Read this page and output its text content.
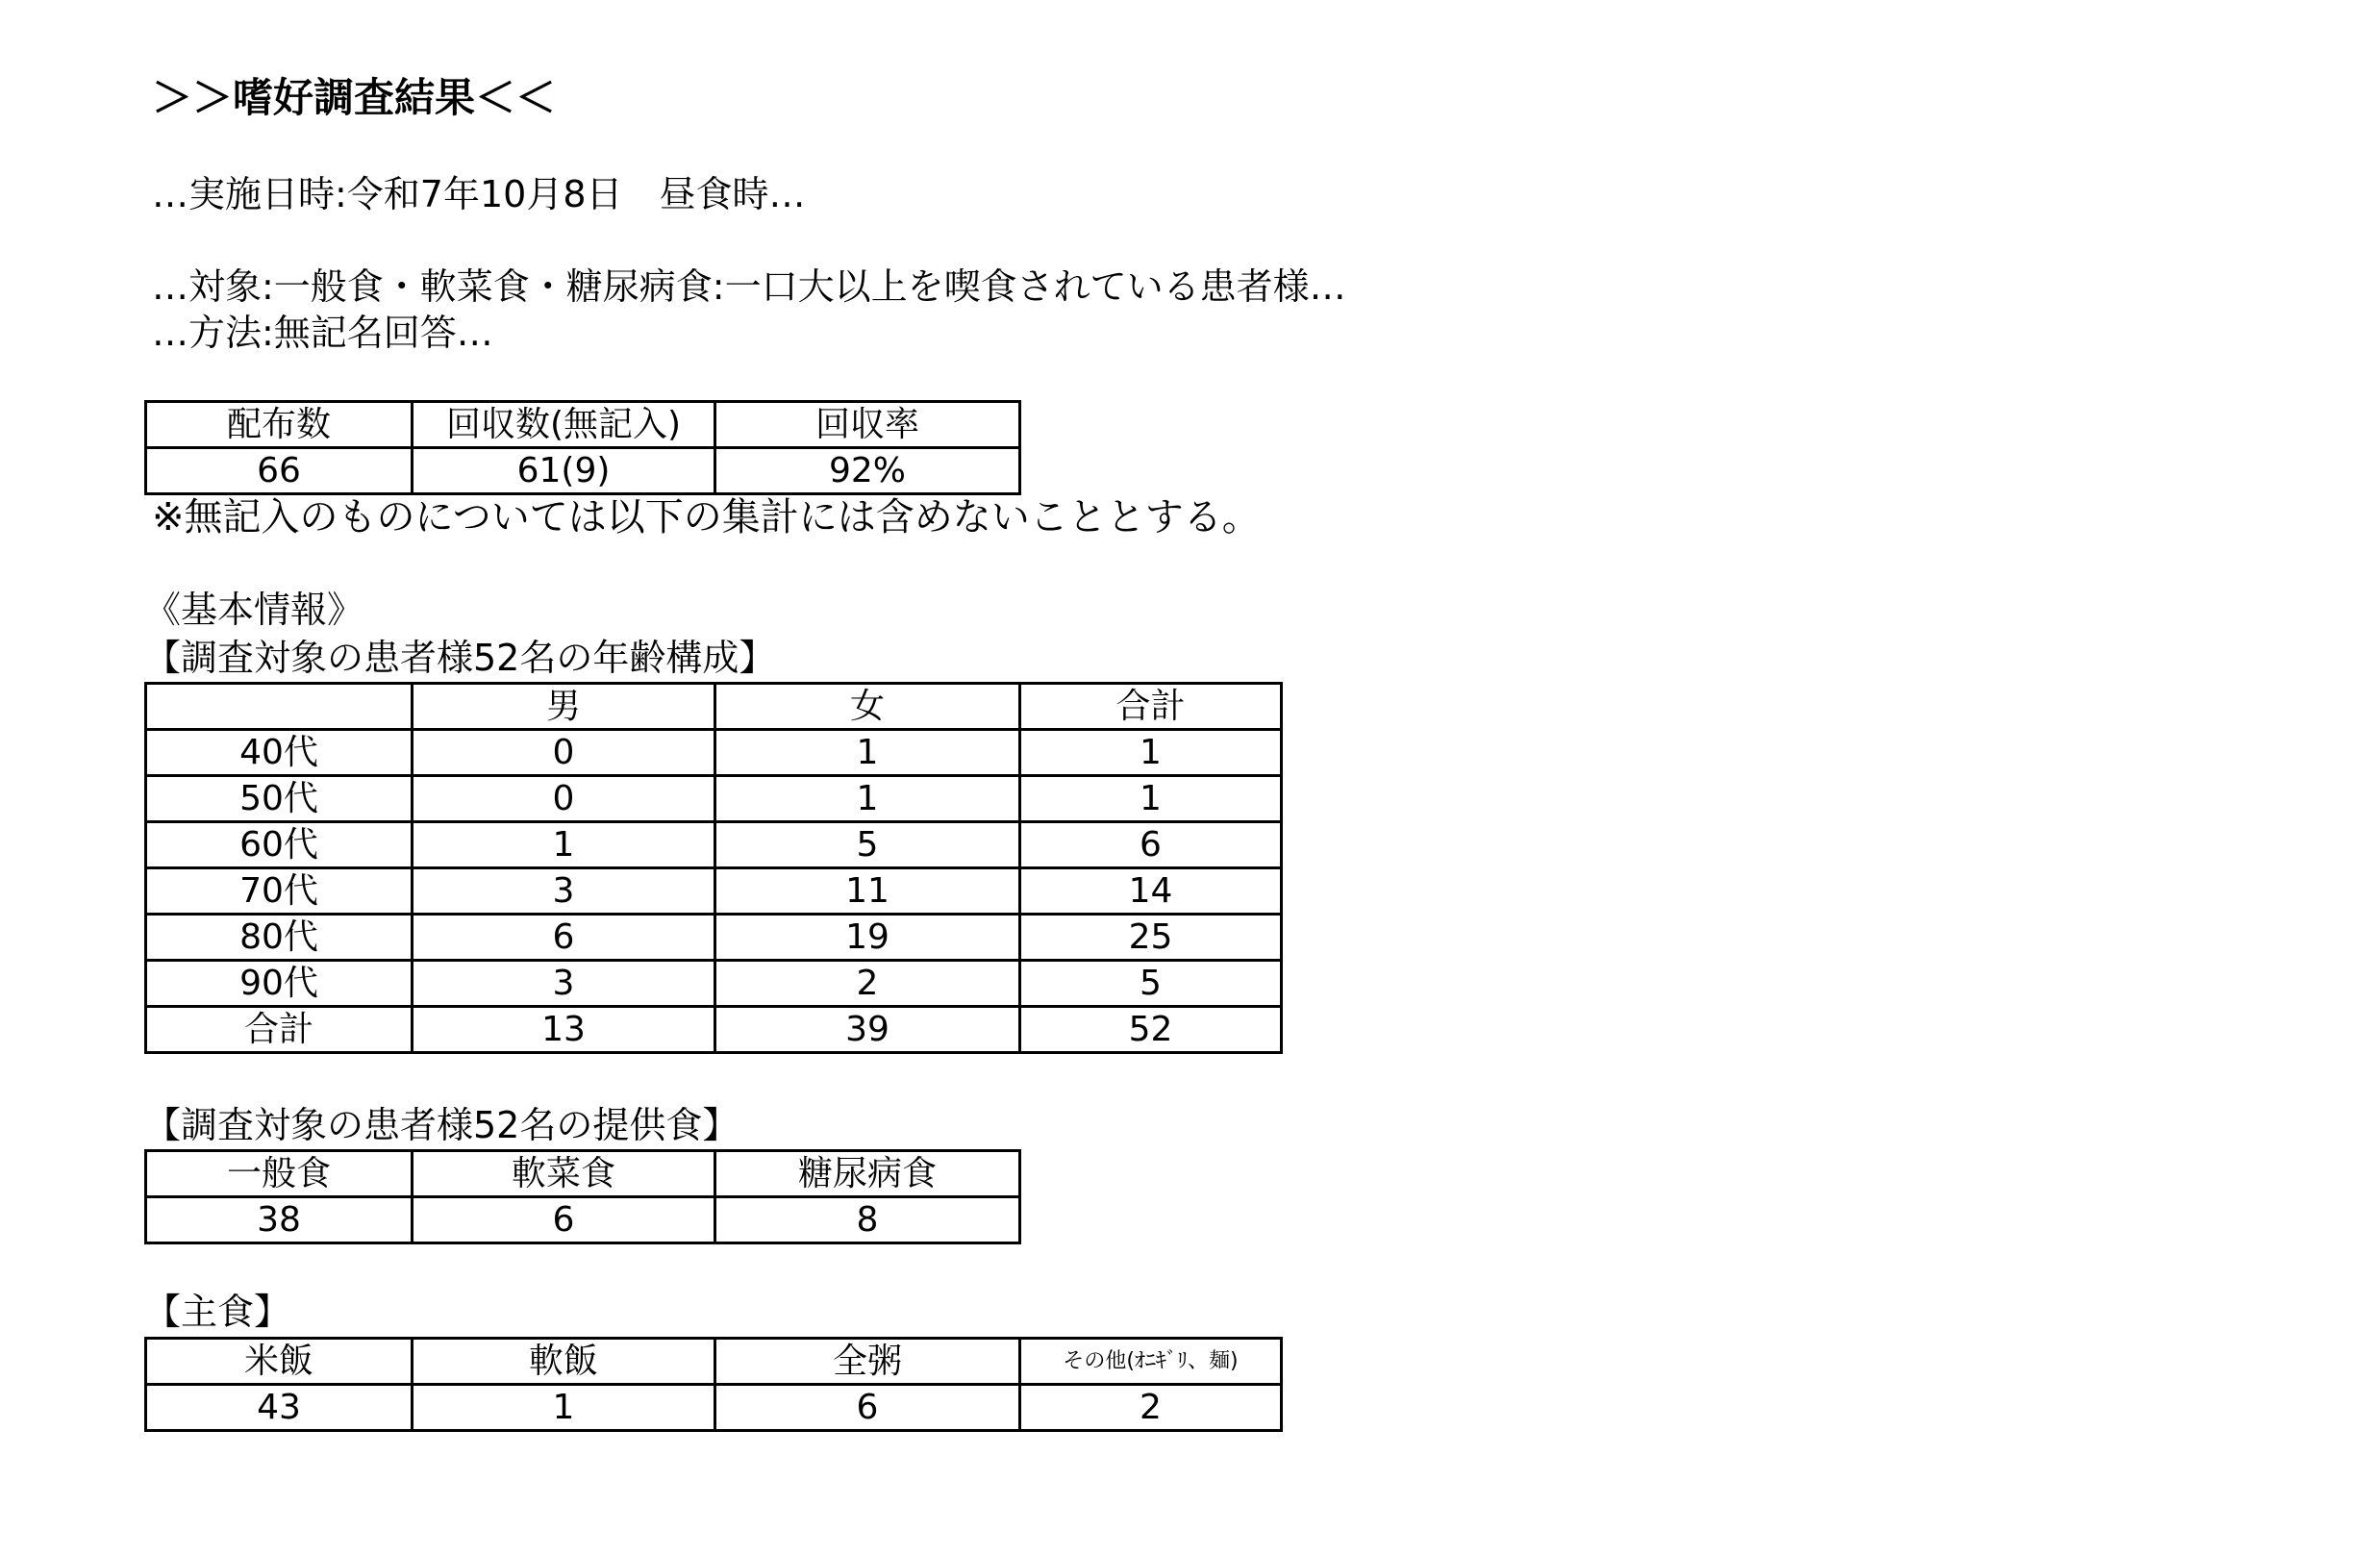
＞＞嗜好調査結果＜＜
…実施日時:令和7年10月8日　昼食時…
…対象:一般食・軟菜食・糖尿病食:一口大以上を喫食されている患者様…
…方法:無記名回答…
配布数	回収数(無記入)	回収率
66	61(9)	92%
※無記入のものについては以下の集計には含めないこととする。
《基本情報》
【調査対象の患者様52名の年齢構成】
	男	女	合計
40代	0	1	1
50代	0	1	1
60代	1	5	6
70代	3	11	14
80代	6	19	25
90代	3	2	5
合計	13	39	52
【調査対象の患者様52名の提供食】
一般食	軟菜食	糖尿病食
38	6	8
【主食】
米飯	軟飯	全粥	その他(ｵﾆｷﾞﾘ、麺)
43	1	6	2
